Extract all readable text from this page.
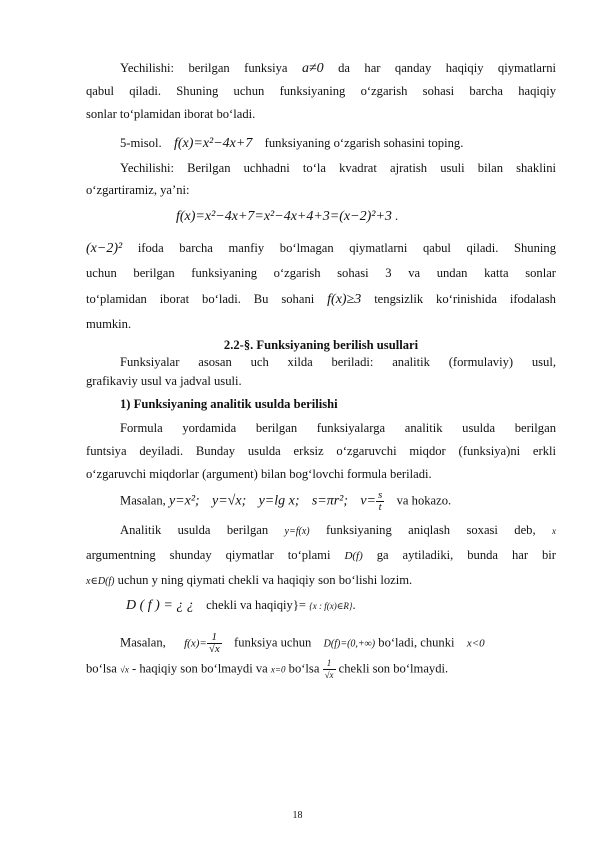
Yechilishi: berilgan funksiya a≠0 da har qanday haqiqiy qiymatlarni
qabul qiladi. Shuning uchun funksiyaning o‘zgarish sohasi barcha haqiqiy
sonlar to‘plamidan iborat bo‘ladi.
5-misol. f(x)=x²−4x+7 funksiyaning o‘zgarish sohasini toping.
Yechilishi: Berilgan uchhadni to‘la kvadrat ajratish usuli bilan shaklini
o‘zgartiramiz, ya’ni:
f(x)=x²−4x+7=x²−4x+4+3=(x−2)²+3 .
(x−2)² ifoda barcha manfiy bo‘lmagan qiymatlarni qabul qiladi. Shuning
uchun berilgan funksiyaning o‘zgarish sohasi 3 va undan katta sonlar
to‘plamidan iborat bo‘ladi. Bu sohani f(x)≥3 tengsizlik ko‘rinishida ifodalash
mumkin.
2.2-§. Funksiyaning berilish usullari
Funksiyalar asosan uch xilda beriladi: analitik (formulaviy) usul,
grafikaviy usul va jadval usuli.
1) Funksiyaning analitik usulda berilishi
Formula yordamida berilgan funksiyalarga analitik usulda berilgan
funtsiya deyiladi. Bunday usulda erksiz o‘zgaruvchi miqdor (funksiya)ni erkli
o‘zgaruvchi miqdorlar (argument) bilan bog‘lovchi formula beriladi.
Masalan, y=x²; y=√x; y=lg x; s=πr²; $v= \frac{s}{t}$ va hokazo.
Analitik usulda berilgan y=f(x) funksiyaning aniqlash soxasi deb, x
argumentning shunday qiymatlar to‘plami D(f) ga aytiladiki, bunda har bir
x∈D(f) uchun y ning qiymati chekli va haqiqiy son bo‘lishi lozim.
D ( f ) = ¿ ¿ chekli va haqiqiy}= {x : f(x)∈R}.
Masalan, $f(x)= \frac{1}{√x}$ funksiya uchun D(f)=(0,+∞) bo‘ladi, chunki x<0
bo‘lsa √x - haqiqiy son bo‘lmaydi va x=0 bo‘lsa $\frac{1}{√x}$ chekli son bo‘lmaydi.
18
